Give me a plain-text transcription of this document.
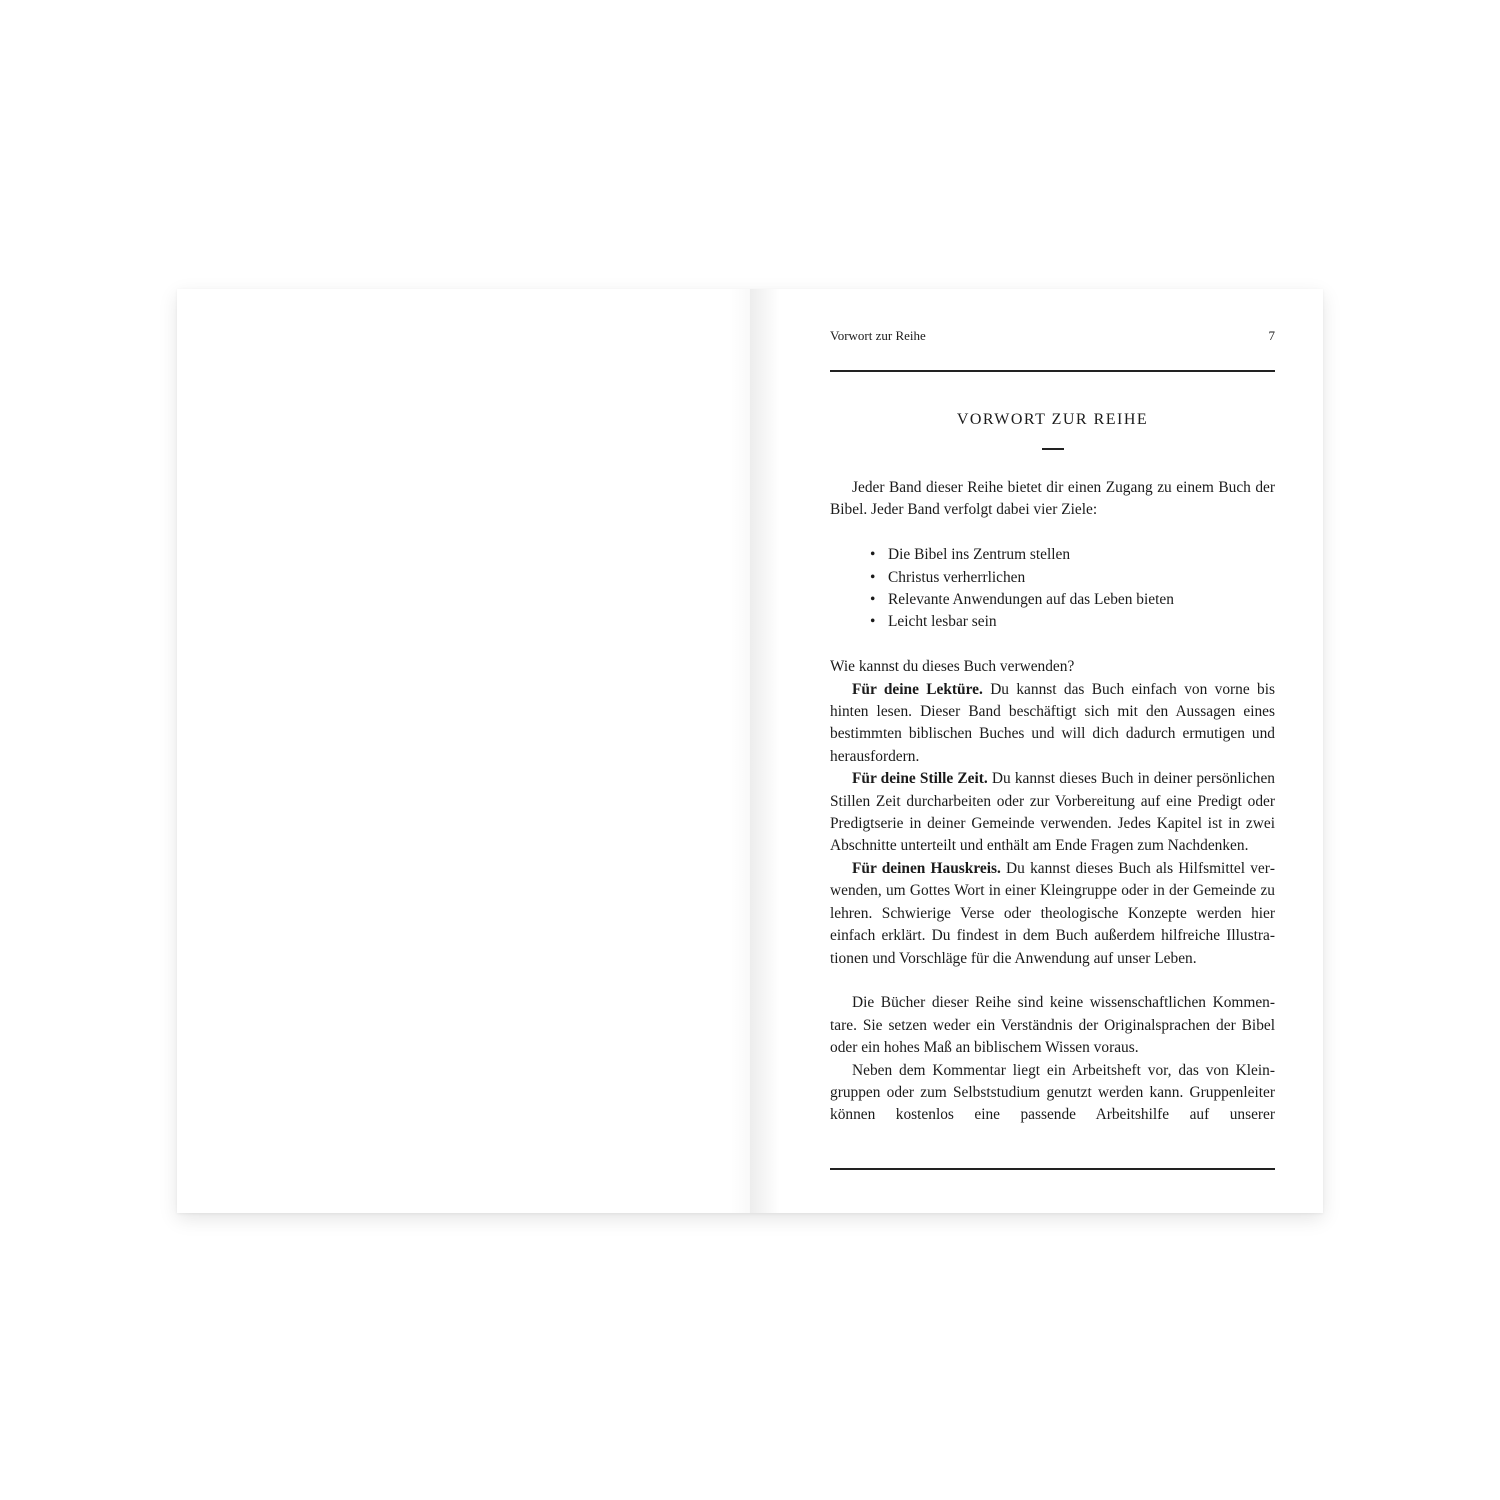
Vorwort zur Reihe	7
VORWORT ZUR REIHE

Jeder Band dieser Reihe bietet dir einen Zugang zu einem Buch der Bibel. Jeder Band verfolgt dabei vier Ziele:

• Die Bibel ins Zentrum stellen
• Christus verherrlichen
• Relevante Anwendungen auf das Leben bieten
• Leicht lesbar sein

Wie kannst du dieses Buch verwenden?

Für deine Lektüre. Du kannst das Buch einfach von vorne bis hinten lesen. Dieser Band beschäftigt sich mit den Aussagen eines bestimmten biblischen Buches und will dich dadurch ermutigen und herausfordern.

Für deine Stille Zeit. Du kannst dieses Buch in deiner persönlichen Stillen Zeit durcharbeiten oder zur Vorbereitung auf eine Predigt oder Predigtserie in deiner Gemeinde verwenden. Jedes Kapitel ist in zwei Abschnitte unterteilt und enthält am Ende Fragen zum Nachdenken.

Für deinen Hauskreis. Du kannst dieses Buch als Hilfsmittel verwenden, um Gottes Wort in einer Kleingruppe oder in der Gemeinde zu lehren. Schwierige Verse oder theologische Konzepte werden hier einfach erklärt. Du findest in dem Buch außerdem hilfreiche Illustrationen und Vorschläge für die Anwendung auf unser Leben.

Die Bücher dieser Reihe sind keine wissenschaftlichen Kommentare. Sie setzen weder ein Verständnis der Originalsprachen der Bibel oder ein hohes Maß an biblischem Wissen voraus.

Neben dem Kommentar liegt ein Arbeitsheft vor, das von Kleingruppen oder zum Selbststudium genutzt werden kann. Gruppenleiter können kostenlos eine passende Arbeitshilfe auf unserer
